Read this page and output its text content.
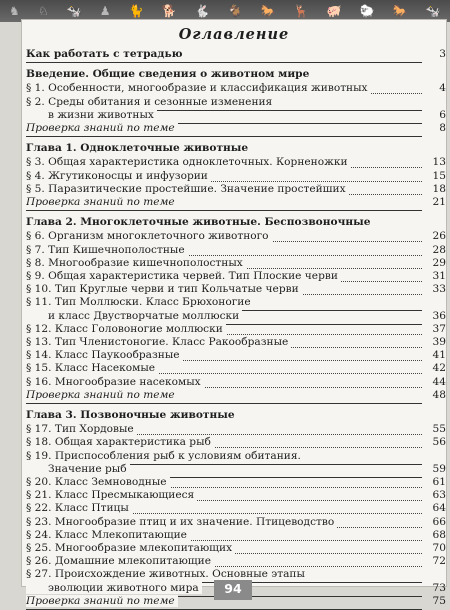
♞ ♘ 🐄 ♟ 🐈 🐕 🐇 🐐 🐎 🦌 🐖 🐑 🐎 🐄
Оглавление
Как работать с тетрадью	3
Введение. Общие сведения о животном мире
§ 1. Особенности, многообразие и классификация животных	4
§ 2. Среды обитания и сезонные изменения
в жизни животных	6
Проверка знаний по теме	8
Глава 1. Одноклеточные животные
§ 3. Общая характеристика одноклеточных. Корненожки	13
§ 4. Жгутиконосцы и инфузории	15
§ 5. Паразитические простейшие. Значение простейших	18
Проверка знаний по теме	21
Глава 2. Многоклеточные животные. Беспозвоночные
§ 6. Организм многоклеточного животного	26
§ 7. Тип Кишечнополостные	28
§ 8. Многообразие кишечнополостных	29
§ 9. Общая характеристика червей. Тип Плоские черви	31
§ 10. Тип Круглые черви и тип Кольчатые черви	33
§ 11. Тип Моллюски. Класс Брюхоногие
и класс Двустворчатые моллюски	36
§ 12. Класс Головоногие моллюски	37
§ 13. Тип Членистоногие. Класс Ракообразные	39
§ 14. Класс Паукообразные	41
§ 15. Класс Насекомые	42
§ 16. Многообразие насекомых	44
Проверка знаний по теме	48
Глава 3. Позвоночные животные
§ 17. Тип Хордовые	55
§ 18. Общая характеристика рыб	56
§ 19. Приспособления рыб к условиям обитания.
Значение рыб	59
§ 20. Класс Земноводные	61
§ 21. Класс Пресмыкающиеся	63
§ 22. Класс Птицы	64
§ 23. Многообразие птиц и их значение. Птицеводство	66
§ 24. Класс Млекопитающие	68
§ 25. Многообразие млекопитающих	70
§ 26. Домашние млекопитающие	72
§ 27. Происхождение животных. Основные этапы
эволюции животного мира	73
Проверка знаний по теме	75
94
